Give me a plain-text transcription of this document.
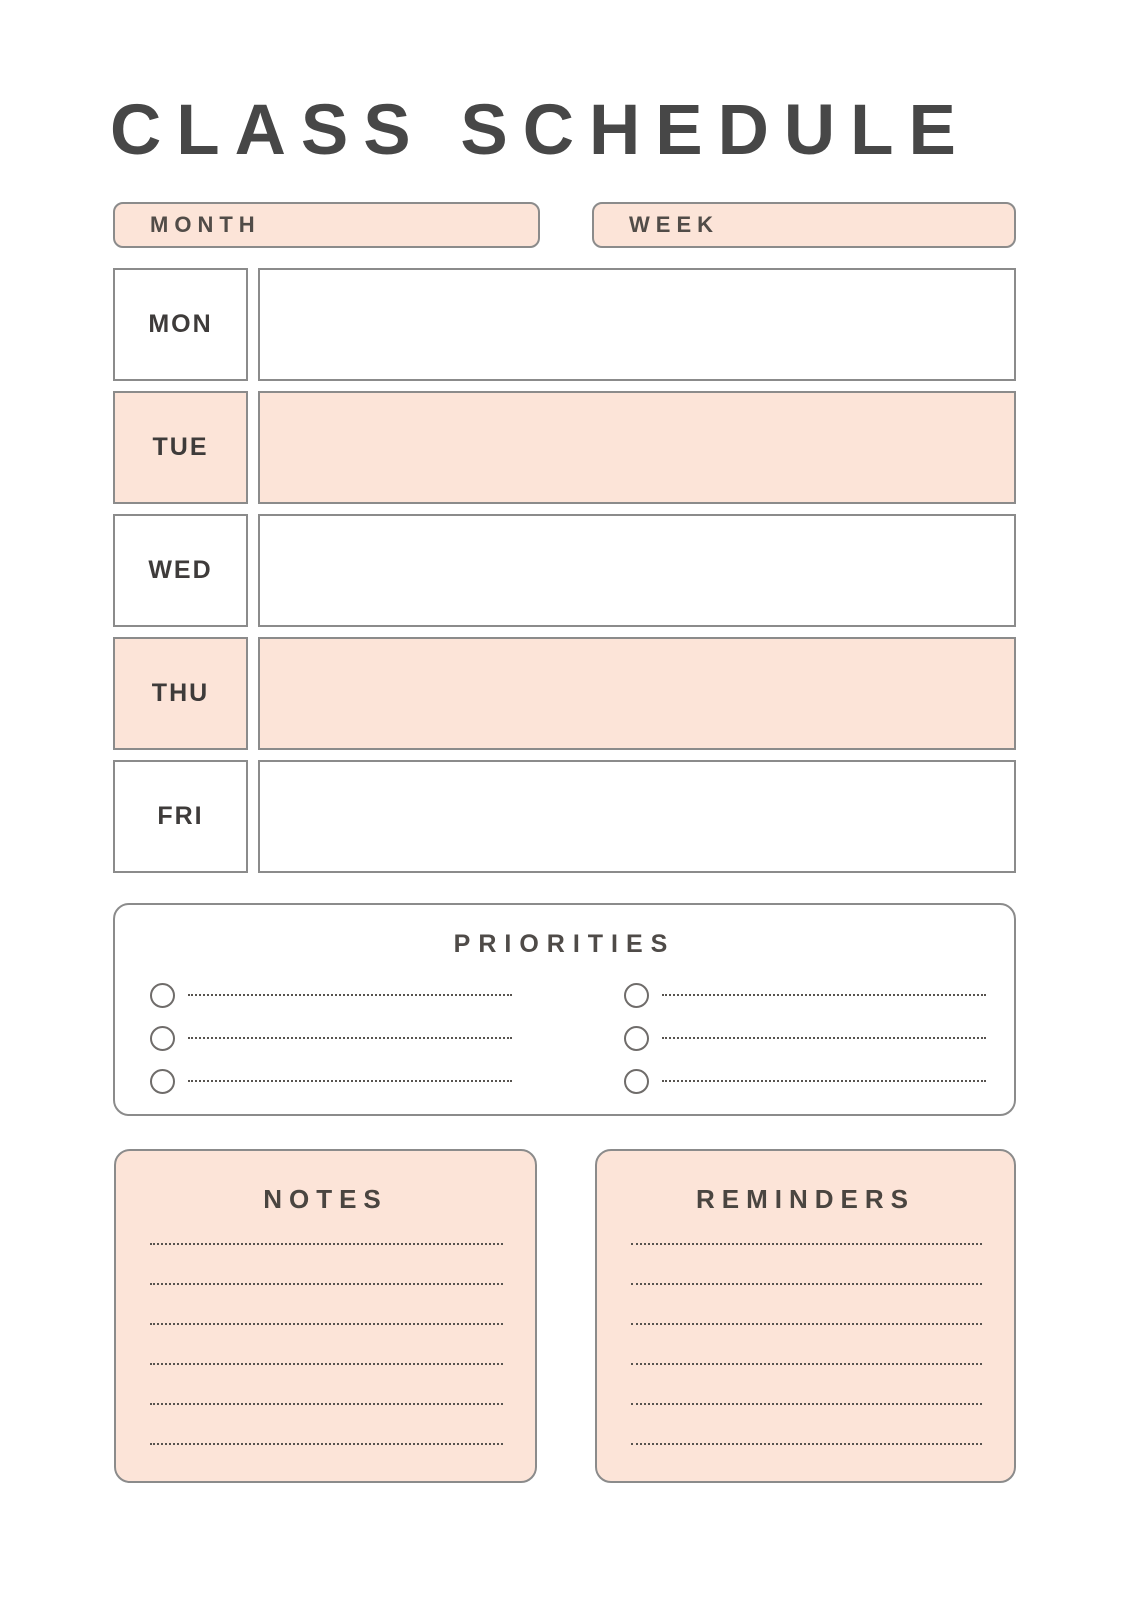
CLASS SCHEDULE
MONTH	WEEK
MON
TUE
WED
THU
FRI
PRIORITIES
NOTES	REMINDERS
